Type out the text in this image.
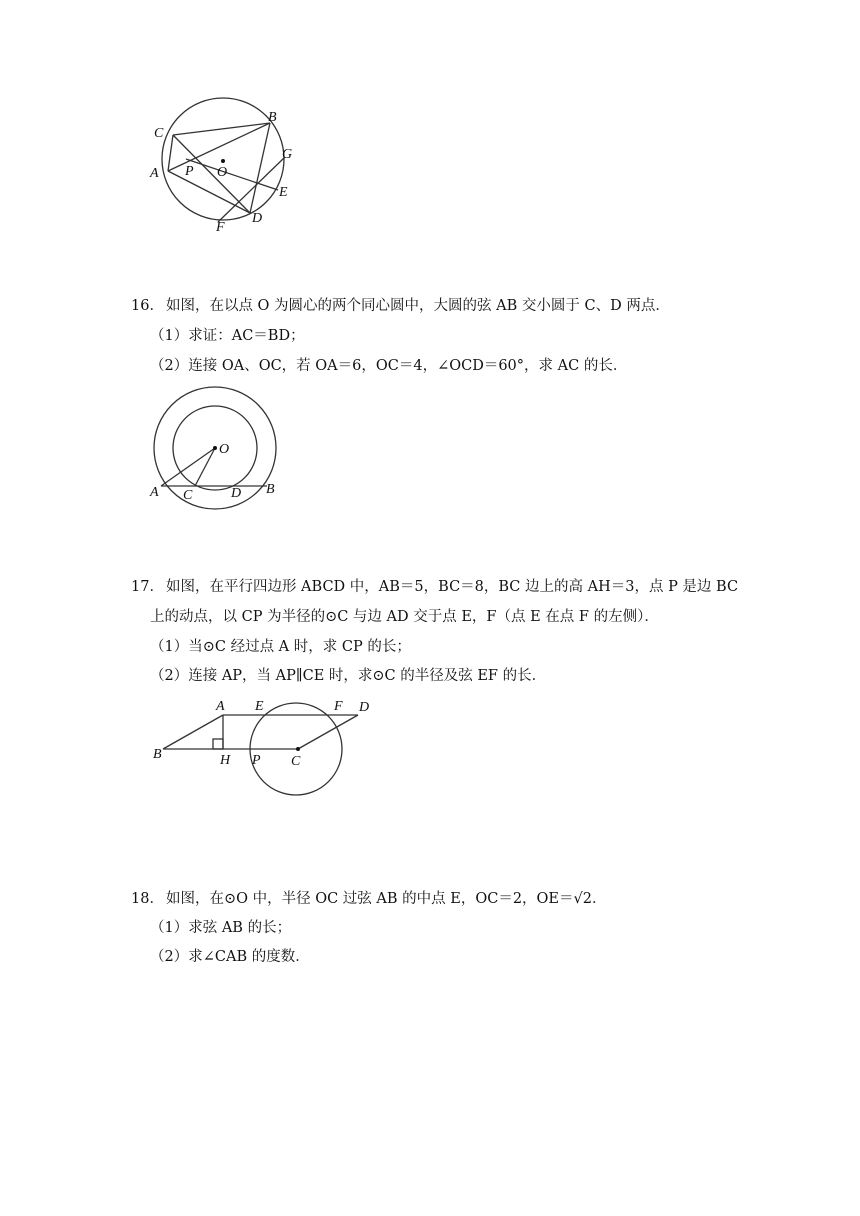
C
B
G
A P O
E
D
F

16． 如图，在以点 O 为圆心的两个同心圆中，大圆的弦 AB 交小圆于 C、D 两点．

（1）求证：AC＝BD；

（2）连接 OA、OC，若 OA＝6，OC＝4，∠OCD＝60°，求 AC 的长．

O
A C	D B

17． 如图，在平行四边形 ABCD 中，AB＝5，BC＝8，BC 边上的高 AH＝3，点 P 是边 BC

上的动点，以 CP 为半径的⊙C 与边 AD 交于点 E，F（点 E 在点 F 的左侧）．

（1）当⊙C 经过点 A 时，求 CP 的长；

（2）连接 AP，当 AP∥CE 时，求⊙C 的半径及弦 EF 的长．

A E	F D
B	H P C

18． 如图，在⊙O 中，半径 OC 过弦 AB 的中点 E，OC＝2，OE＝√2．

（1）求弦 AB 的长；

（2）求∠CAB 的度数．
